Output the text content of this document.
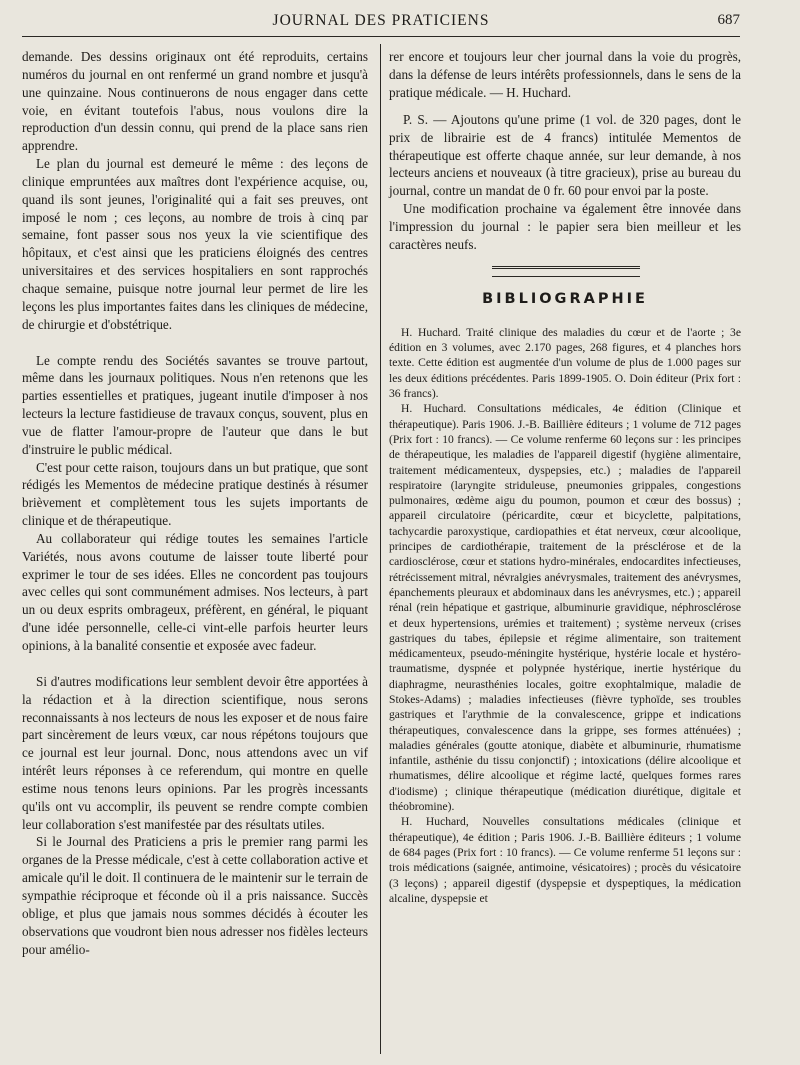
JOURNAL DES PRATICIENS	687

demande. Des dessins originaux ont été reproduits, certains numéros du journal en ont renfermé un grand nombre et jusqu'à une quinzaine. Nous continuerons de nous engager dans cette voie, en évitant toutefois l'abus, nous voulons dire la reproduction d'un dessin connu, qui prend de la place sans rien apprendre.

Le plan du journal est demeuré le même : des leçons de clinique empruntées aux maîtres dont l'expérience acquise, ou, quand ils sont jeunes, l'originalité qui a fait ses preuves, ont imposé le nom ; ces leçons, au nombre de trois à cinq par semaine, font passer sous nos yeux la vie scientifique des hôpitaux, et c'est ainsi que les praticiens éloignés des centres universitaires et des services hospitaliers en sont rapprochés chaque semaine, puisque notre journal leur permet de lire les leçons les plus importantes faites dans les cliniques de médecine, de chirurgie et d'obstétrique.

Le compte rendu des Sociétés savantes se trouve partout, même dans les journaux politiques. Nous n'en retenons que les parties essentielles et pratiques, jugeant inutile d'imposer à nos lecteurs la lecture fastidieuse de travaux conçus, souvent, plus en vue de flatter l'amour-propre de l'auteur que dans le but d'instruire le public médical.

C'est pour cette raison, toujours dans un but pratique, que sont rédigés les Mementos de médecine pratique destinés à résumer brièvement et complètement tous les sujets importants de clinique et de thérapeutique.

Au collaborateur qui rédige toutes les semaines l'article Variétés, nous avons coutume de laisser toute liberté pour exprimer le tour de ses idées. Elles ne concordent pas toujours avec celles qui sont communément admises. Nos lecteurs, à part un ou deux esprits ombrageux, préfèrent, en général, le piquant d'une idée personnelle, celle-ci vint-elle parfois heurter leurs opinions, à la banalité consentie et exposée avec fadeur.

Si d'autres modifications leur semblent devoir être apportées à la rédaction et à la direction scientifique, nous serons reconnaissants à nos lecteurs de nous les exposer et de nous faire part sincèrement de leurs vœux, car nous répétons toujours que ce journal est leur journal. Donc, nous attendons avec un vif intérêt leurs réponses à ce referendum, qui montre en quelle estime nous tenons leurs opinions. Par les progrès incessants qu'ils ont vu accomplir, ils peuvent se rendre compte combien leur collaboration s'est manifestée par des résultats utiles.

Si le Journal des Praticiens a pris le premier rang parmi les organes de la Presse médicale, c'est à cette collaboration active et amicale qu'il le doit. Il continuera de le maintenir sur le terrain de sympathie réciproque et féconde où il a pris naissance. Succès oblige, et plus que jamais nous sommes décidés à écouter les observations que voudront bien nous adresser nos fidèles lecteurs pour amélio-

rer encore et toujours leur cher journal dans la voie du progrès, dans la défense de leurs intérêts professionnels, dans le sens de la pratique médicale. — H. Huchard.

P. S. — Ajoutons qu'une prime (1 vol. de 320 pages, dont le prix de librairie est de 4 francs) intitulée Mementos de thérapeutique est offerte chaque année, sur leur demande, à nos lecteurs anciens et nouveaux (à titre gracieux), prise au bureau du journal, contre un mandat de 0 fr. 60 pour envoi par la poste.

Une modification prochaine va également être innovée dans l'impression du journal : le papier sera bien meilleur et les caractères neufs.

BIBLIOGRAPHIE

H. Huchard. Traité clinique des maladies du cœur et de l'aorte ; 3e édition en 3 volumes, avec 2.170 pages, 268 figures, et 4 planches hors texte. Cette édition est augmentée d'un volume de plus de 1.000 pages sur les deux éditions précédentes. Paris 1899-1905. O. Doin éditeur (Prix fort : 36 francs).

H. Huchard. Consultations médicales, 4e édition (Clinique et thérapeutique). Paris 1906. J.-B. Baillière éditeurs ; 1 volume de 712 pages (Prix fort : 10 francs). — Ce volume renferme 60 leçons sur : les principes de thérapeutique, les maladies de l'appareil digestif (hygiène alimentaire, traitement médicamenteux, dyspepsies, etc.) ; maladies de l'appareil respiratoire (laryngite striduleuse, pneumonies grippales, congestions pulmonaires, œdème aigu du poumon, poumon et cœur des bossus) ; appareil circulatoire (péricardite, cœur et bicyclette, palpitations, tachycardie paroxystique, cardiopathies et état nerveux, cœur alcoolique, principes de cardiothérapie, traitement de la présclérose et de la cardiosclérose, cœur et stations hydro-minérales, endocardites infectieuses, rétrécissement mitral, névralgies anévrysmales, traitement des anévrysmes, épanchements pleuraux et abdominaux dans les anévrysmes, etc.) ; appareil rénal (rein hépatique et gastrique, albuminurie gravidique, néphrosclérose et deux hypertensions, urémies et traitement) ; système nerveux (crises gastriques du tabes, épilepsie et régime alimentaire, son traitement médicamenteux, pseudo-méningite hystérique, hystérie locale et hystéro-traumatisme, dyspnée et polypnée hystérique, inertie hystérique du diaphragme, neurasthénies locales, goitre exophtalmique, maladie de Stokes-Adams) ; maladies infectieuses (fièvre typhoïde, ses troubles gastriques et l'arythmie de la convalescence, grippe et indications thérapeutiques, convalescence dans la grippe, ses formes atténuées) ; maladies générales (goutte atonique, diabète et albuminurie, rhumatisme infantile, asthénie du tissu conjonctif) ; intoxications (délire alcoolique et rhumatismes, délire alcoolique et régime lacté, quelques formes rares d'iodisme) ; clinique thérapeutique (médication diurétique, digitale et théobromine).

H. Huchard, Nouvelles consultations médicales (clinique et thérapeutique), 4e édition ; Paris 1906. J.-B. Baillière éditeurs ; 1 volume de 684 pages (Prix fort : 10 francs). — Ce volume renferme 51 leçons sur : trois médications (saignée, antimoine, vésicatoires) ; procès du vésicatoire (3 leçons) ; appareil digestif (dyspepsie et dyspeptiques, la médication alcaline, dyspepsie et
